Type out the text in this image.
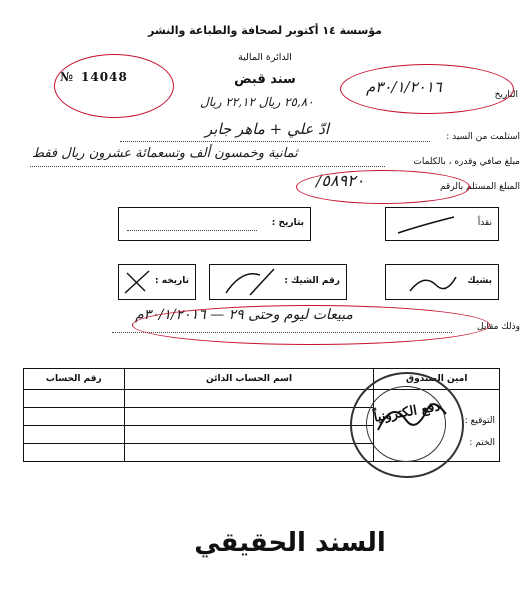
مؤسسة ١٤ أكتوبر لصحافة والطباعة والنشر
الدائرة المالية
سند قبض
№ 14048
التاريخ
٣٠/١/٢٠١٦م
٢٥,٨٠ ريال ٢٢,١٢ ريال
استلمت من السيد :
ادّ علي + ماهر جابر
مبلغ صافي وقدره ، بالكلمات
ثمانية وخمسون ألف وتسعمائة عشرون ريال فقط
المبلغ المستلم بالرقم
٥٨٩٢٠/
نقداً
بتاريخ :
بشيك
رقم الشيك :
تاريخه :
وذلك مقابل
مبيعات ليوم وحتى ٢٩ — ٣٠/١/٢٠١٦م
امين الصندوق	اسم الحساب الدائن	رقم الحساب

التوقيع :
الختم :		

دفع الكترونياً
السند الحقيقي
